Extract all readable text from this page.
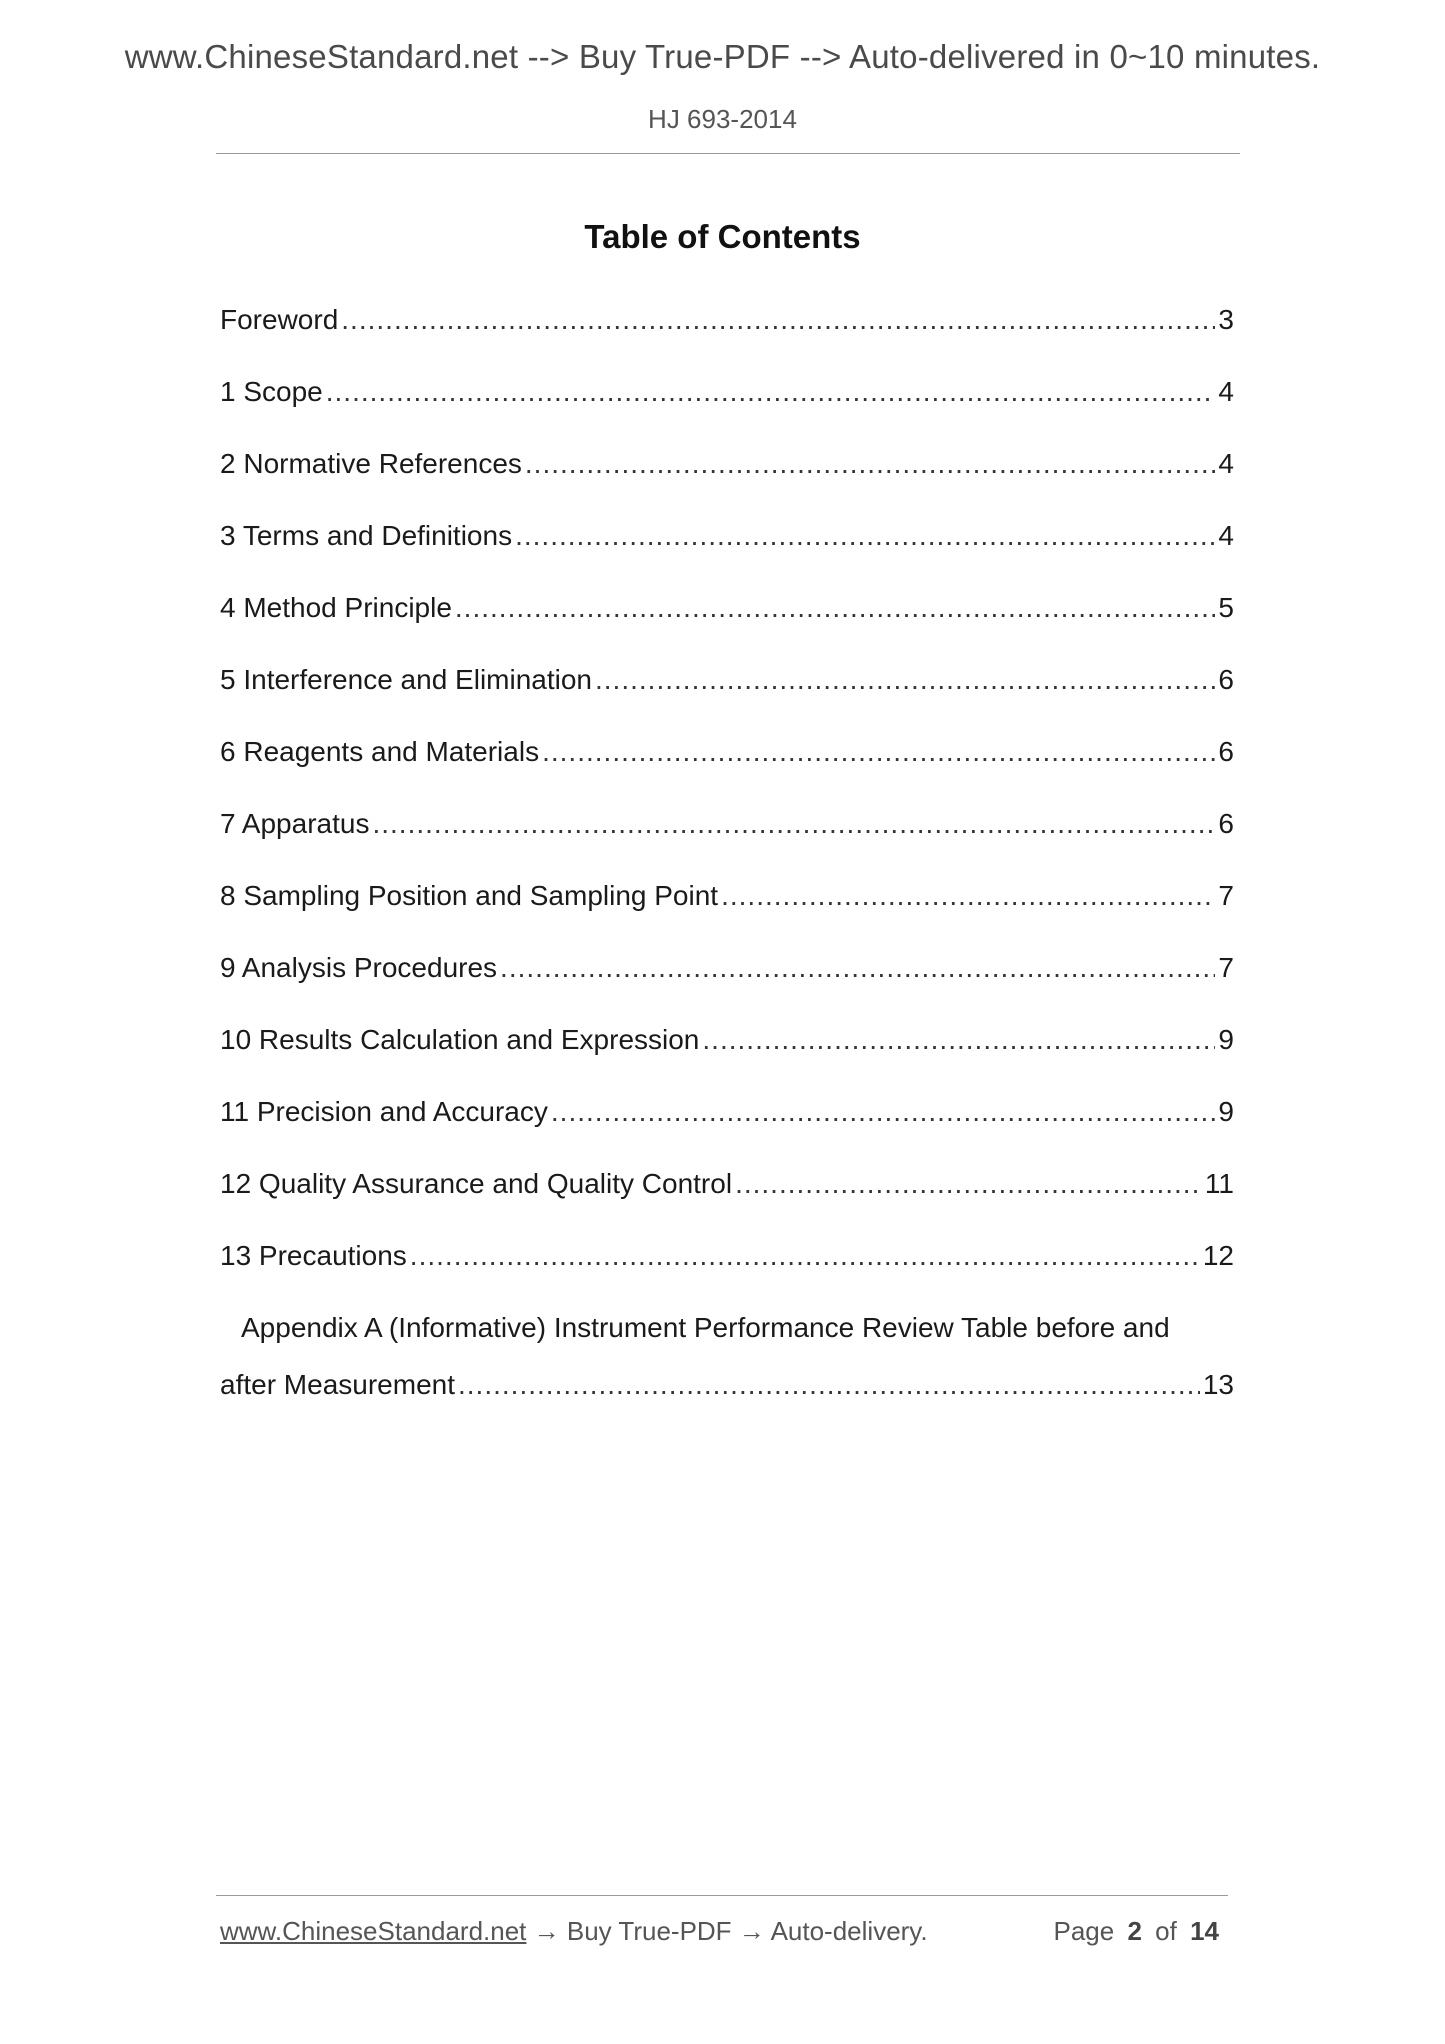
www.ChineseStandard.net --> Buy True-PDF --> Auto-delivered in 0~10 minutes.
HJ 693-2014
Table of Contents
Foreword .....	3
1 Scope .....	4
2 Normative References .....	4
3 Terms and Definitions .....	4
4 Method Principle .....	5
5 Interference and Elimination .....	6
6 Reagents and Materials .....	6
7 Apparatus .....	6
8 Sampling Position and Sampling Point .....	7
9 Analysis Procedures .....	7
10 Results Calculation and Expression .....	9
11 Precision and Accuracy .....	9
12 Quality Assurance and Quality Control .....	11
13 Precautions .....	12
Appendix A (Informative) Instrument Performance Review Table before and
after Measurement .....	13
www.ChineseStandard.net → Buy True-PDF → Auto-delivery.	Page 2 of 14
